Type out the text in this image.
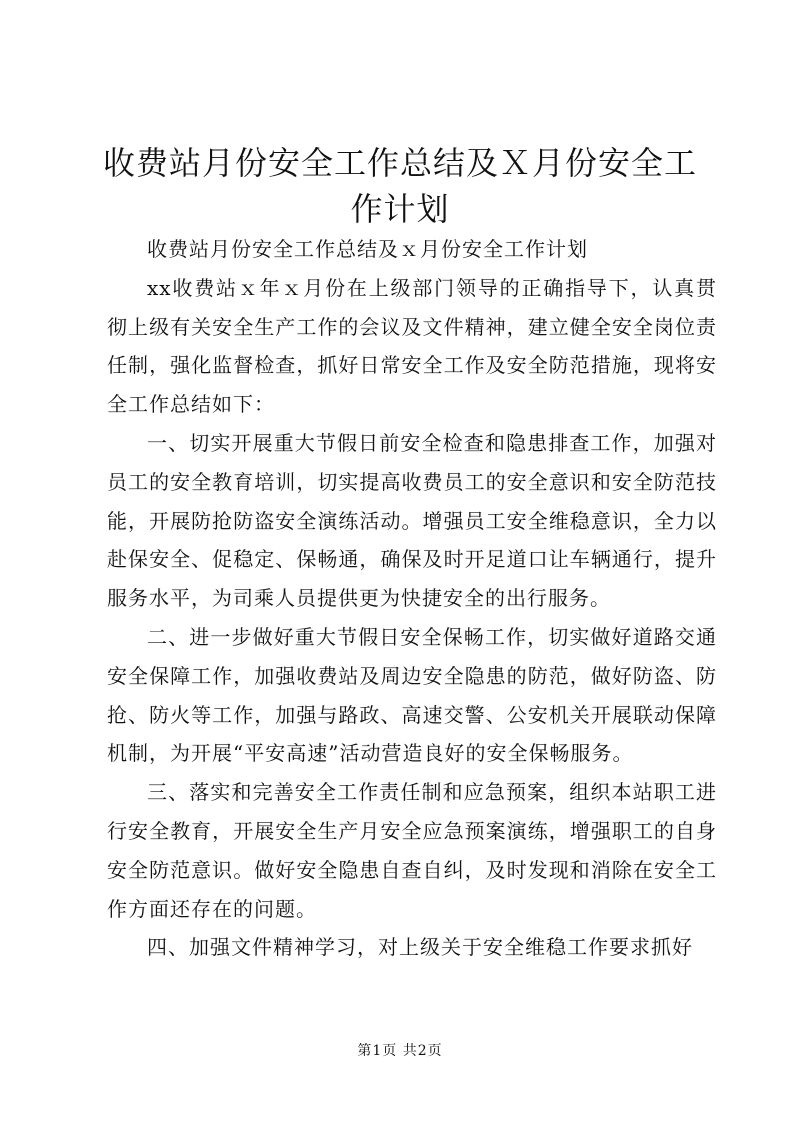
收费站月份安全工作总结及Ｘ月份安全工作计划

收费站月份安全工作总结及ｘ月份安全工作计划

xx收费站ｘ年ｘ月份在上级部门领导的正确指导下，认真贯彻上级有关安全生产工作的会议及文件精神，建立健全安全岗位责任制，强化监督检查，抓好日常安全工作及安全防范措施，现将安全工作总结如下：

一、切实开展重大节假日前安全检查和隐患排查工作，加强对员工的安全教育培训，切实提高收费员工的安全意识和安全防范技能，开展防抢防盗安全演练活动。增强员工安全维稳意识，全力以赴保安全、促稳定、保畅通，确保及时开足道口让车辆通行，提升服务水平，为司乘人员提供更为快捷安全的出行服务。

二、进一步做好重大节假日安全保畅工作，切实做好道路交通安全保障工作，加强收费站及周边安全隐患的防范，做好防盗、防抢、防火等工作，加强与路政、高速交警、公安机关开展联动保障机制，为开展“平安高速”活动营造良好的安全保畅服务。

三、落实和完善安全工作责任制和应急预案，组织本站职工进行安全教育，开展安全生产月安全应急预案演练，增强职工的自身安全防范意识。做好安全隐患自查自纠，及时发现和消除在安全工作方面还存在的问题。

四、加强文件精神学习，对上级关于安全维稳工作要求抓好

第1页 共2页
